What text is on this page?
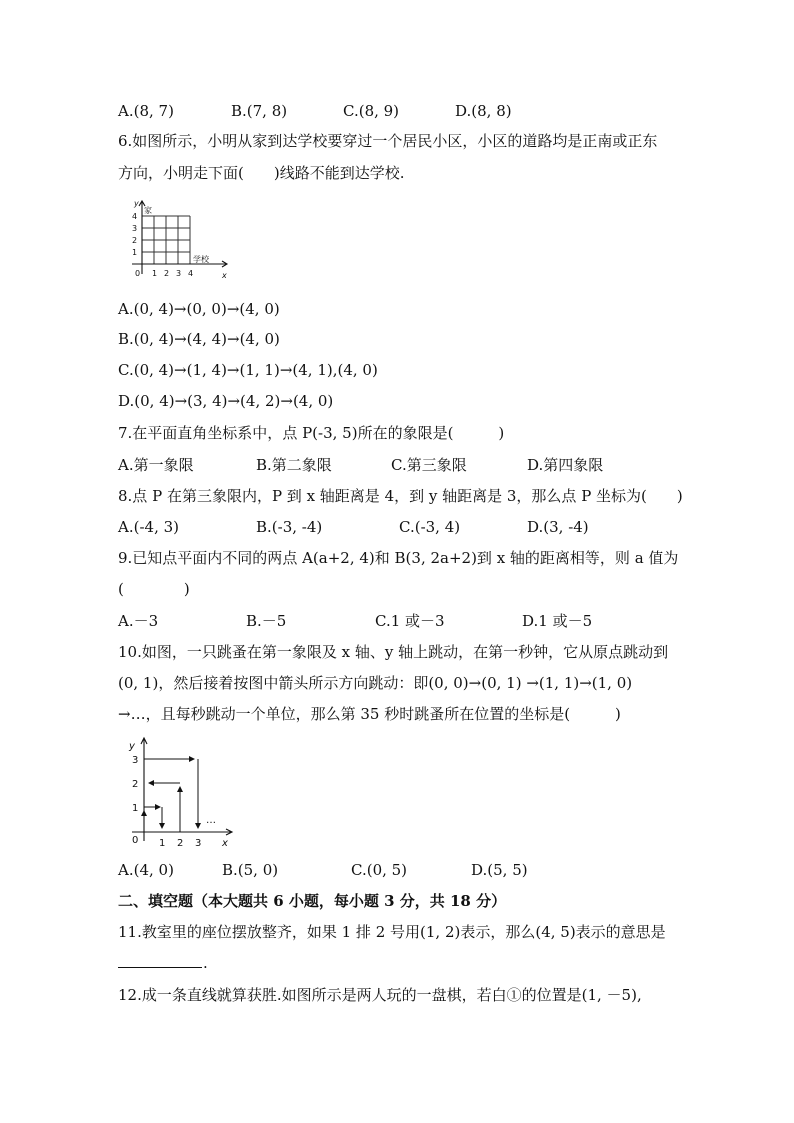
A.(8, 7)	B.(7, 8)	C.(8, 9)	D.(8, 8)
6.如图所示，小明从家到达学校要穿过一个居民小区，小区的道路均是正南或正东
方向，小明走下面(　　)线路不能到达学校.
y
x
家
学校
0 1 2 3 4
1
2
3
4
A.(0, 4)→(0, 0)→(4, 0)
B.(0, 4)→(4, 4)→(4, 0)
C.(0, 4)→(1, 4)→(1, 1)→(4, 1),(4, 0)
D.(0, 4)→(3, 4)→(4, 2)→(4, 0)
7.在平面直角坐标系中，点 P(-3, 5)所在的象限是(　　　)
A.第一象限	B.第二象限	C.第三象限	D.第四象限
8.点 P 在第三象限内，P 到 x 轴距离是 4，到 y 轴距离是 3，那么点 P 坐标为(　　)
A.(-4, 3)	B.(-3, -4)	C.(-3, 4)	D.(3, -4)
9.已知点平面内不同的两点 A(a+2, 4)和 B(3, 2a+2)到 x 轴的距离相等，则 a 值为
(　　　　)
A.－3	B.－5	C.1 或－3	D.1 或－5
10.如图，一只跳蚤在第一象限及 x 轴、y 轴上跳动，在第一秒钟，它从原点跳动到
(0, 1)，然后接着按图中箭头所示方向跳动：即(0, 0)→(0, 1) →(1, 1)→(1, 0)
→…，且每秒跳动一个单位，那么第 35 秒时跳蚤所在位置的坐标是(　　　)
y
x
0 1 2 3
1
2
3
…
A.(4, 0)	B.(5, 0)	C.(0, 5)	D.(5, 5)
二、填空题（本大题共 6 小题，每小题 3 分，共 18 分）
11.教室里的座位摆放整齐，如果 1 排 2 号用(1, 2)表示，那么(4, 5)表示的意思是
.
12.成一条直线就算获胜.如图所示是两人玩的一盘棋，若白①的位置是(1, －5),
